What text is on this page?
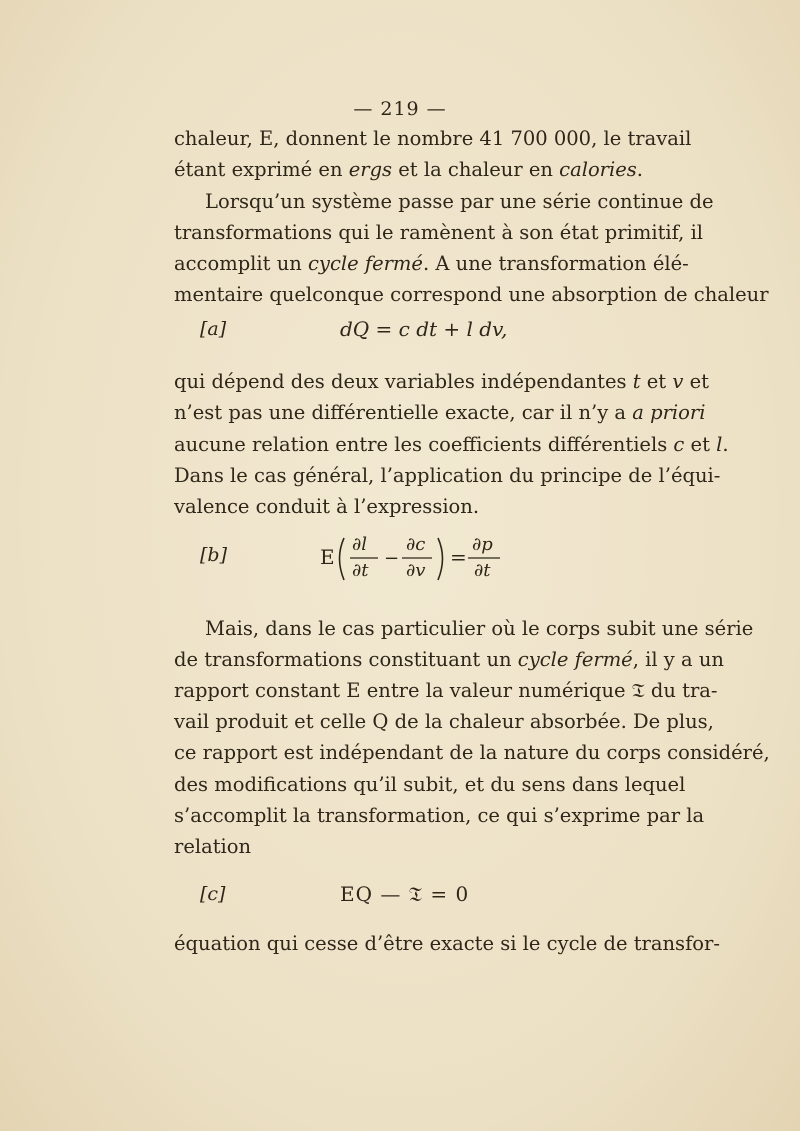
— 219 —
chaleur, E, donnent le nombre 41 700 000, le travail
étant exprimé en ergs et la chaleur en calories.
Lorsqu’un système passe par une série continue de
transformations qui le ramènent à son état primitif, il
accomplit un cycle fermé. A une transformation élé-
mentaire quelconque correspond une absorption de chaleur
[a]	dQ = c dt + l dv,
qui dépend des deux variables indépendantes t et v et
n’est pas une différentielle exacte, car il n’y a a priori
aucune relation entre les coefficients différentiels c et l.
Dans le cas général, l’application du principe de l’équi-
valence conduit à l’expression.
[b]	E
∂l
∂t
−
∂c
∂v
=
∂p
∂t
Mais, dans le cas particulier où le corps subit une série
de transformations constituant un cycle fermé, il y a un
rapport constant E entre la valeur numérique 𝔗 du tra-
vail produit et celle Q de la chaleur absorbée. De plus,
ce rapport est indépendant de la nature du corps considéré,
des modifications qu’il subit, et du sens dans lequel
s’accomplit la transformation, ce qui s’exprime par la
relation
[c]	EQ — 𝔗 = 0
équation qui cesse d’être exacte si le cycle de transfor-
